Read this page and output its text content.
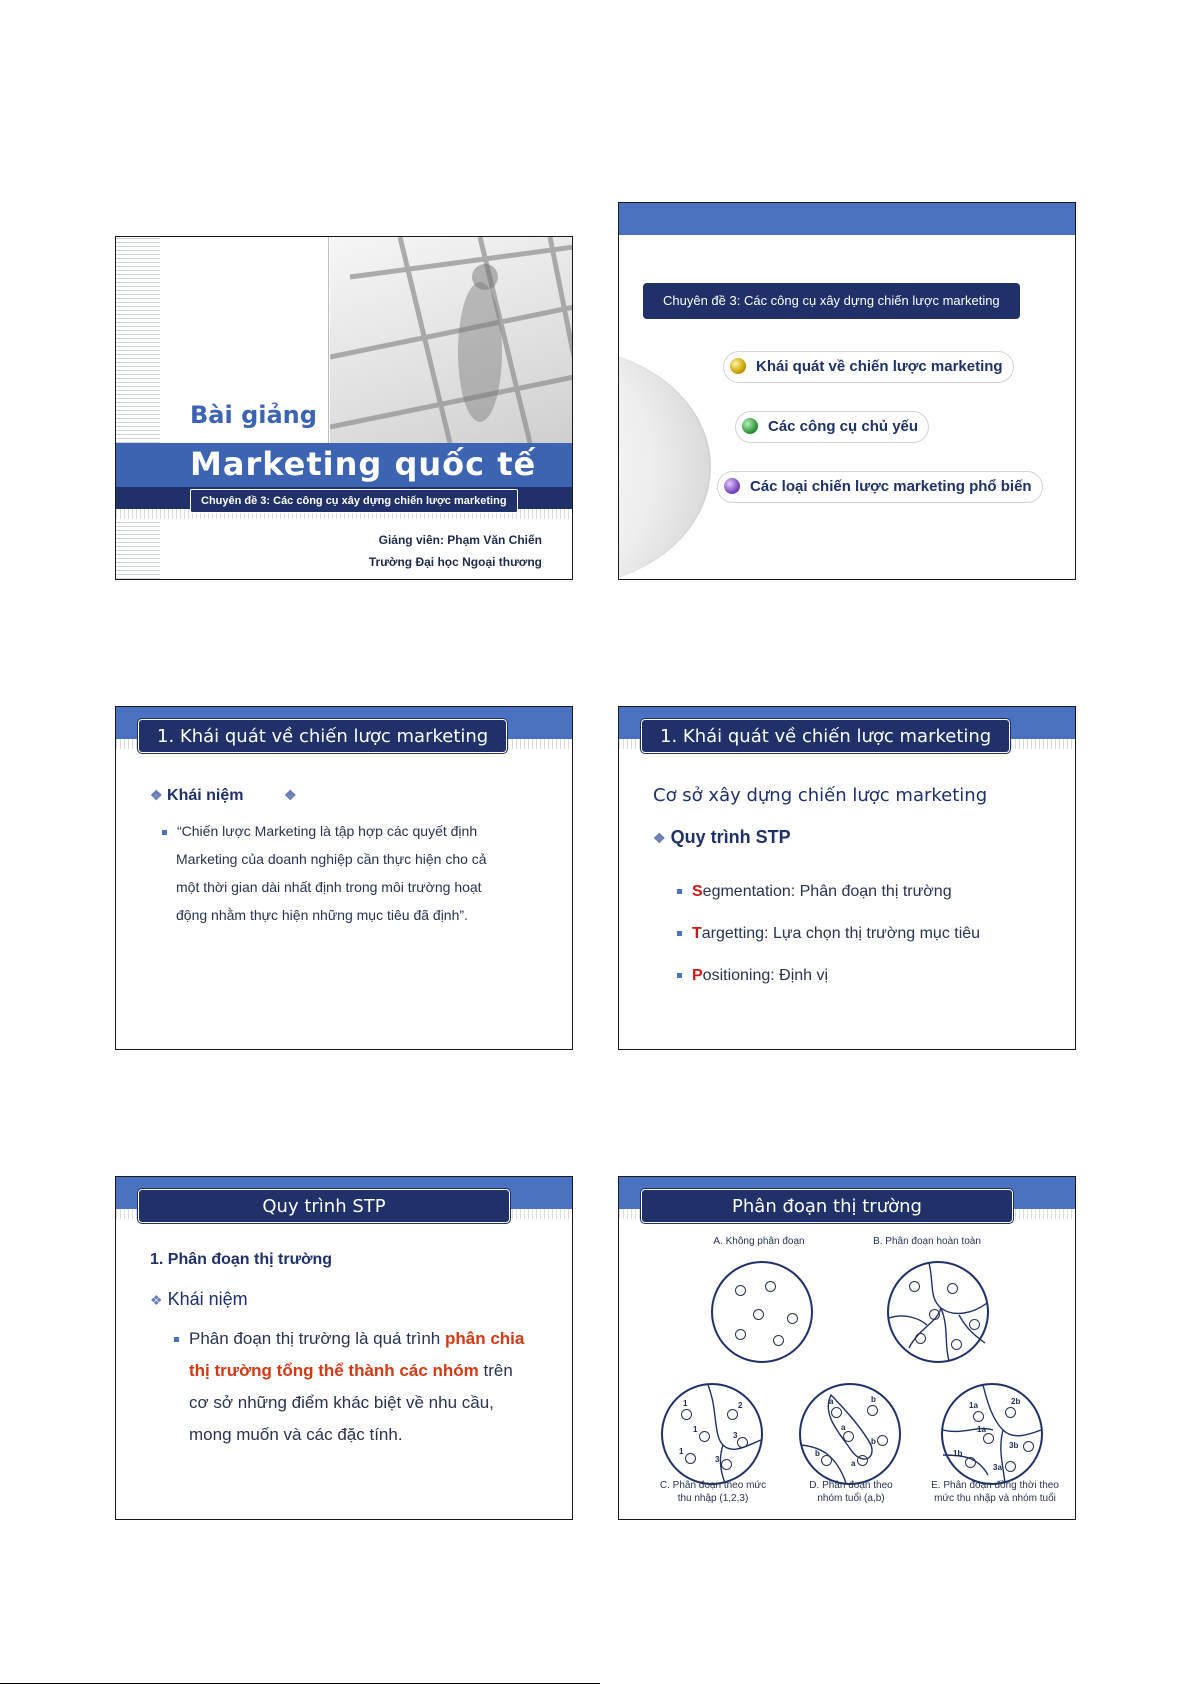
Bài giảng
Marketing quốc tế
Chuyên đề 3: Các công cụ xây dựng chiến lược marketing
Giảng viên: Phạm Văn Chiến
Trường Đại học Ngoại thương
Chuyên đề 3: Các công cụ xây dựng chiến lược marketing
Khái quát về chiến lược marketing
Các công cụ chủ yếu
Các loại chiến lược marketing phổ biến
1. Khái quát về chiến lược marketing
❖ Khái niệm	❖
“Chiến lược Marketing là tập hợp các quyết định
Marketing của doanh nghiệp cần thực hiện cho cả
một thời gian dài nhất định trong môi trường hoạt
động nhằm thực hiện những mục tiêu đã định”.
1. Khái quát về chiến lược marketing
Cơ sở xây dựng chiến lược marketing
❖ Quy trình STP
Segmentation: Phân đoạn thị trường
Targetting: Lựa chọn thị trường mục tiêu
Positioning: Định vị
Quy trình STP
1. Phân đoạn thị trường
❖ Khái niệm
Phân đoạn thị trường là quá trình phân chia
thị trường tổng thể thành các nhóm trên
cơ sở những điểm khác biệt về nhu cầu,
mong muốn và các đặc tính.
Phân đoạn thị trường
A. Không phân đoạn	B. Phân đoạn hoàn toàn
1	2
1
3
1
3
a	b
a
b
b
a
1a	2b
1a
3b
1b
3a
C. Phân đoạn theo mức
thu nhập (1,2,3)
D. Phân đoạn theo
nhóm tuổi (a,b)
E. Phân đoạn đồng thời theo
mức thu nhập và nhóm tuổi
